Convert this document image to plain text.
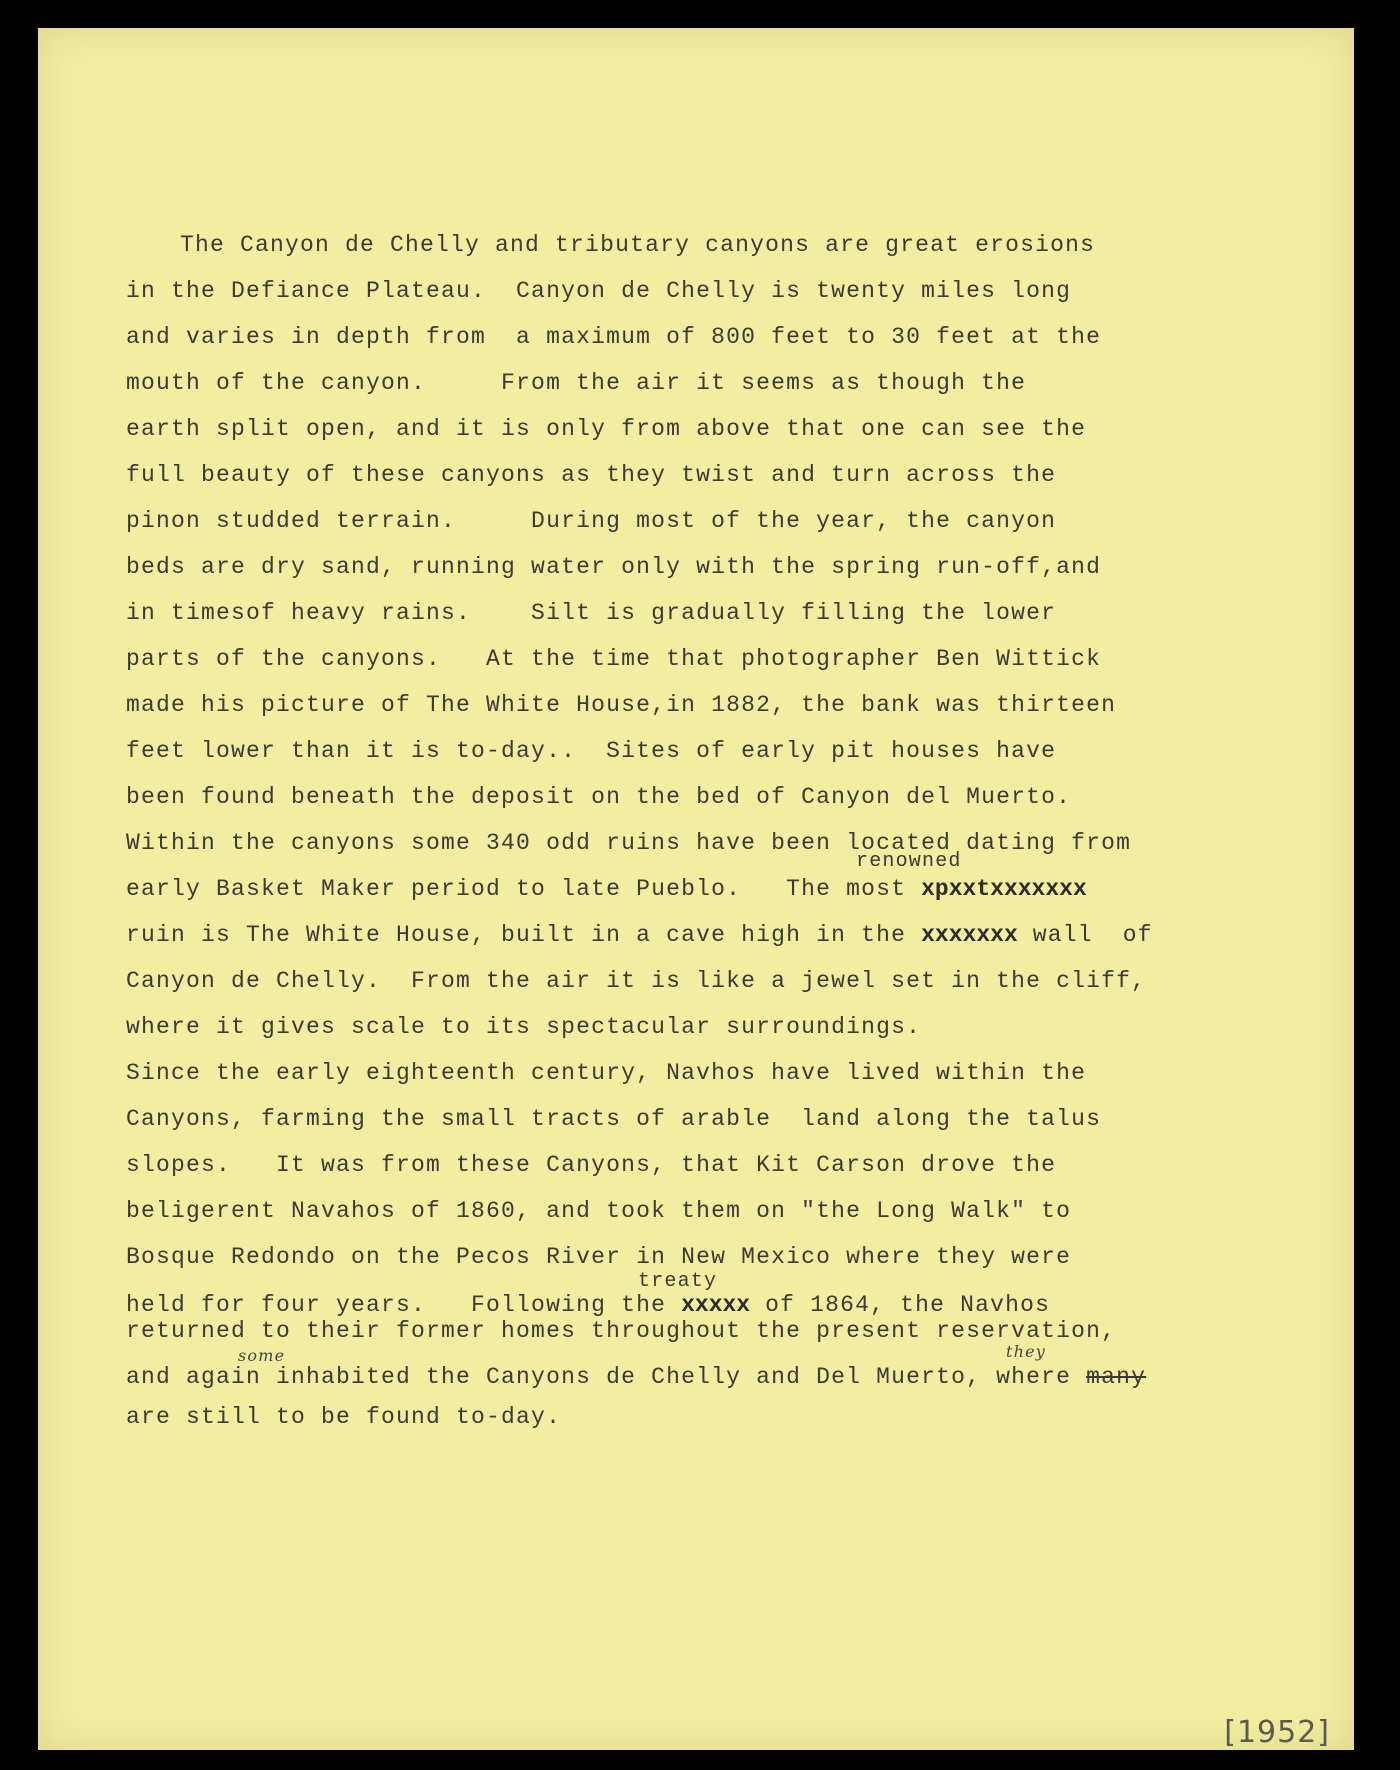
The Canyon de Chelly and tributary canyons are great erosions
in the Defiance Plateau.  Canyon de Chelly is twenty miles long
and varies in depth from  a maximum of 800 feet to 30 feet at the
mouth of the canyon.     From the air it seems as though the
earth split open, and it is only from above that one can see the
full beauty of these canyons as they twist and turn across the
pinon studded terrain.     During most of the year, the canyon
beds are dry sand, running water only with the spring run-off,and
in timesof heavy rains.    Silt is gradually filling the lower
parts of the canyons.   At the time that photographer Ben Wittick
made his picture of The White House,in 1882, the bank was thirteen
feet lower than it is to-day..  Sites of early pit houses have
been found beneath the deposit on the bed of Canyon del Muerto.
Within the canyons some 340 odd ruins have been located dating from
renowned
early Basket Maker period to late Pueblo.   The most xpxxtxxxxxxx
ruin is The White House, built in a cave high in the xxxxxxx wall  of
Canyon de Chelly.  From the air it is like a jewel set in the cliff,
where it gives scale to its spectacular surroundings.
Since the early eighteenth century, Navhos have lived within the
Canyons, farming the small tracts of arable  land along the talus
slopes.   It was from these Canyons, that Kit Carson drove the
beligerent Navahos of 1860, and took them on "the Long Walk" to
Bosque Redondo on the Pecos River in New Mexico where they were
treaty
held for four years.   Following the xxxxx of 1864, the Navhos
returned to their former homes throughout the present reservation,
some	they
and again inhabited the Canyons de Chelly and Del Muerto, where many
are still to be found to-day.
[1952]
